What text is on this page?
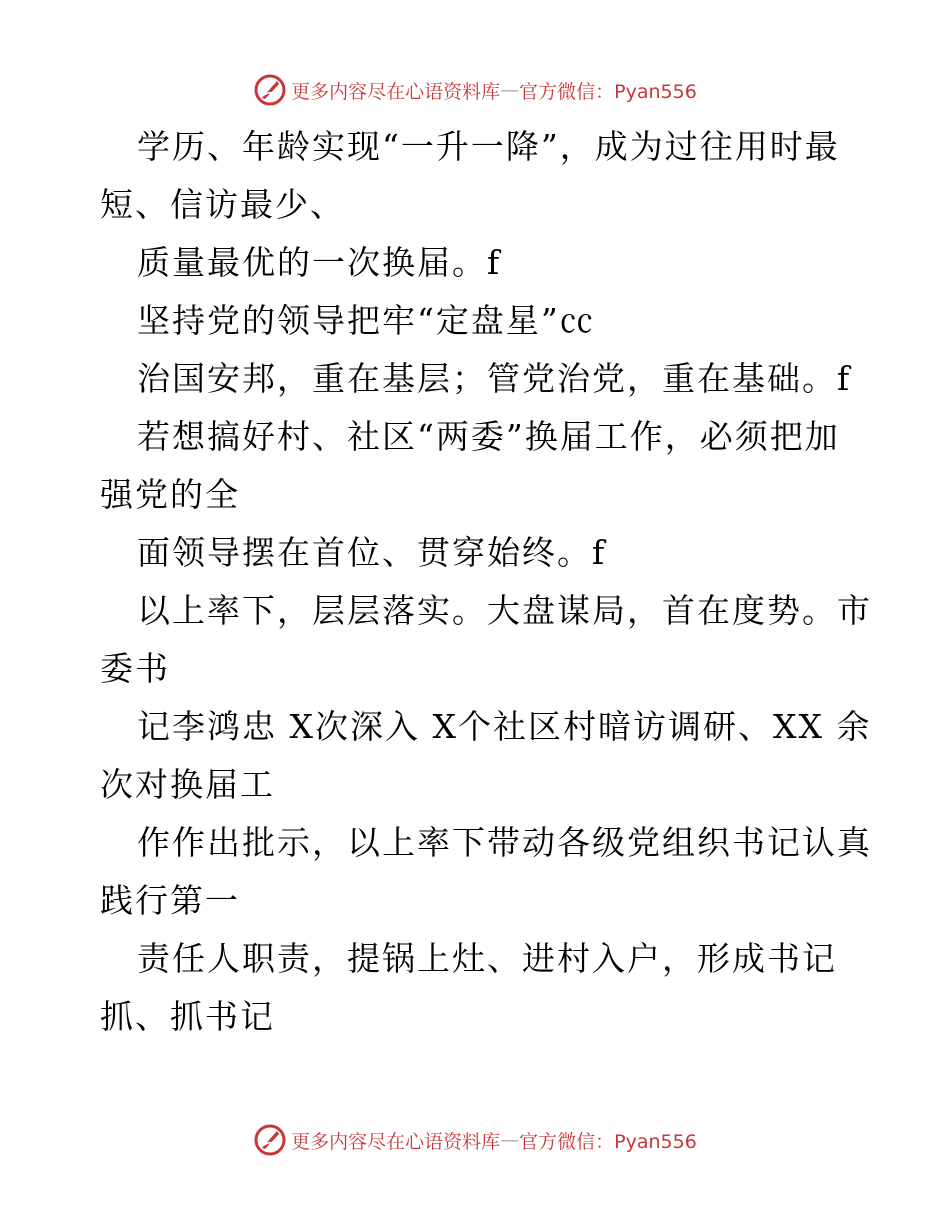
更多内容尽在心语资料库 — 官方微信：Pyan556
学历、年龄实现“一升一降”，成为过往用时最
短、信访最少、
质量最优的一次换届。f
坚持党的领导把牢“定盘星”㏄
治国安邦，重在基层；管党治党，重在基础。f
若想搞好村、社区“两委”换届工作，必须把加
强党的全
面领导摆在首位、贯穿始终。f
以上率下，层层落实。大盘谋局，首在度势。市
委书
记李鸿忠 X次深入 X个社区村暗访调研、XX 余
次对换届工
作作出批示，以上率下带动各级党组织书记认真
践行第一
责任人职责，提锅上灶、进村入户，形成书记
抓、抓书记
更多内容尽在心语资料库 — 官方微信：Pyan556
